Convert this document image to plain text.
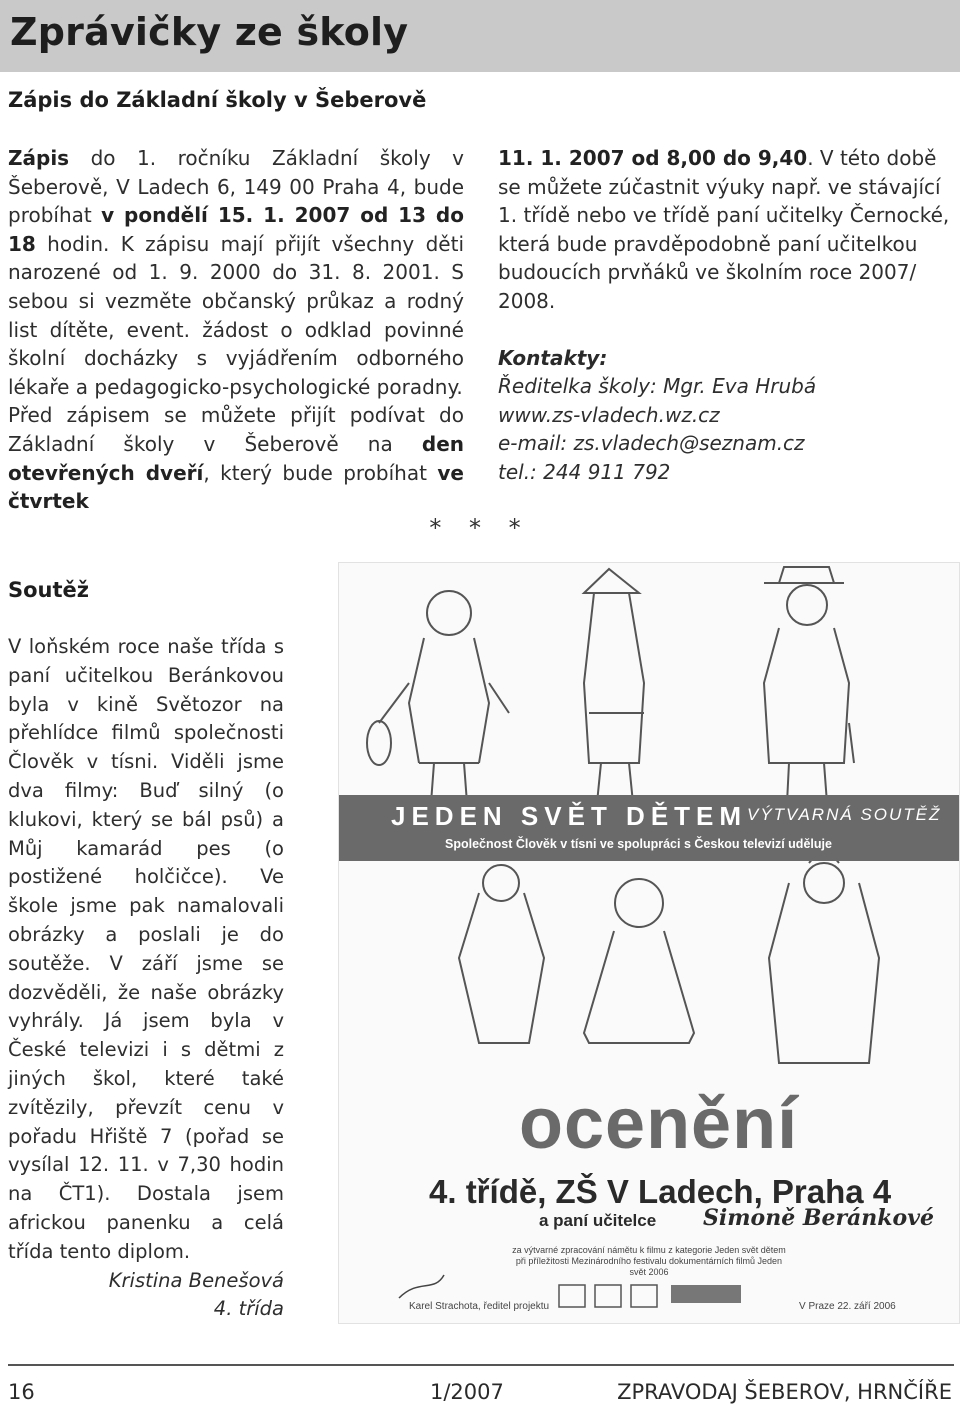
Zprávičky ze školy
Zápis do Základní školy v Šeberově

Zápis do 1. ročníku Základní školy v Šeberově, V Ladech 6, 149 00 Praha 4, bude probíhat v pondělí 15. 1. 2007 od 13 do 18 hodin. K zápisu mají přijít všechny děti narozené od 1. 9. 2000 do 31. 8. 2001. S sebou si vezměte občanský průkaz a rodný list dítěte, event. žádost o odklad povinné školní docházky s vyjádřením odborného lékaře a pedagogicko-psychologické poradny.

Před zápisem se můžete přijít podívat do Základní školy v Šeberově na den otevřených dveří, který bude probíhat ve čtvrtek

11. 1. 2007 od 8,00 do 9,40. V této době se můžete zúčastnit výuky např. ve stávající 1. třídě nebo ve třídě paní učitelky Černocké, která bude pravděpodobně paní učitelkou budoucích prvňáků ve školním roce 2007/ 2008.

Kontakty:

Ředitelka školy: Mgr. Eva Hrubá

www.zs-vladech.wz.cz

e-mail: zs.vladech@seznam.cz

tel.: 244 911 792

* * *
Soutěž

V loňském roce naše třída s paní učitelkou Beránkovou byla v kině Světozor na přehlídce filmů společnosti Člověk v tísni. Viděli jsme dva filmy: Buď silný (o klukovi, který se bál psů) a Můj kamarád pes (o postižené holčičce). Ve škole jsme pak namalovali obrázky a poslali je do soutěže. V září jsme se dozvěděli, že naše obrázky vyhrály. Já jsem byla v České televizi i s dětmi z jiných škol, které také zvítězily, převzít cenu v pořadu Hřiště 7 (pořad se vysílal 12. 11. v 7,30 hodin na ČT1). Dostala jsem africkou panenku a celá třída tento diplom.

Kristina Benešová

4. třída

JEDEN SVĚT DĚTEM VÝTVARNÁ SOUTĚŽ
Společnost Člověk v tísni ve spolupráci s Českou televizí uděluje
ocenění
4. třídě, ZŠ V Ladech, Praha 4
a paní učitelce Simoně Beránkové
za výtvarné zpracování námětu k filmu z kategorie Jeden svět dětem
při příležitosti Mezinárodního festivalu dokumentárních filmů Jeden svět 2006
Karel Strachota, ředitel projektu	V Praze 22. září 2006
16	1/2007	ZPRAVODAJ ŠEBEROV, HRNČÍŘE
